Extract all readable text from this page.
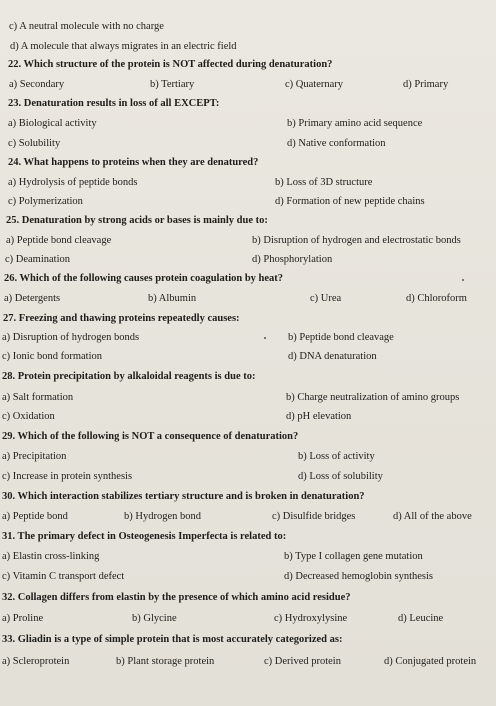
c) A neutral molecule with no charge
d) A molecule that always migrates in an electric field
22. Which structure of the protein is NOT affected during denaturation?
a) Secondary	b) Tertiary	c) Quaternary	d) Primary
23. Denaturation results in loss of all EXCEPT:
a) Biological activity	b) Primary amino acid sequence
c) Solubility	d) Native conformation
24. What happens to proteins when they are denatured?
a) Hydrolysis of peptide bonds	b) Loss of 3D structure
c) Polymerization	d) Formation of new peptide chains
25. Denaturation by strong acids or bases is mainly due to:
a) Peptide bond cleavage	b) Disruption of hydrogen and electrostatic bonds
c) Deamination	d) Phosphorylation
26. Which of the following causes protein coagulation by heat?
a) Detergents	b) Albumin	c) Urea	d) Chloroform
27. Freezing and thawing proteins repeatedly causes:
a) Disruption of hydrogen bonds	b) Peptide bond cleavage
c) Ionic bond formation	d) DNA denaturation
28. Protein precipitation by alkaloidal reagents is due to:
a) Salt formation	b) Charge neutralization of amino groups
c) Oxidation	d) pH elevation
29. Which of the following is NOT a consequence of denaturation?
a) Precipitation	b) Loss of activity
c) Increase in protein synthesis	d) Loss of solubility
30. Which interaction stabilizes tertiary structure and is broken in denaturation?
a) Peptide bond	b) Hydrogen bond	c) Disulfide bridges	d) All of the above
31. The primary defect in Osteogenesis Imperfecta is related to:
a) Elastin cross-linking	b) Type I collagen gene mutation
c) Vitamin C transport defect	d) Decreased hemoglobin synthesis
32. Collagen differs from elastin by the presence of which amino acid residue?
a) Proline	b) Glycine	c) Hydroxylysine	d) Leucine
33. Gliadin is a type of simple protein that is most accurately categorized as:
a) Scleroprotein	b) Plant storage protein	c) Derived protein	d) Conjugated protein
